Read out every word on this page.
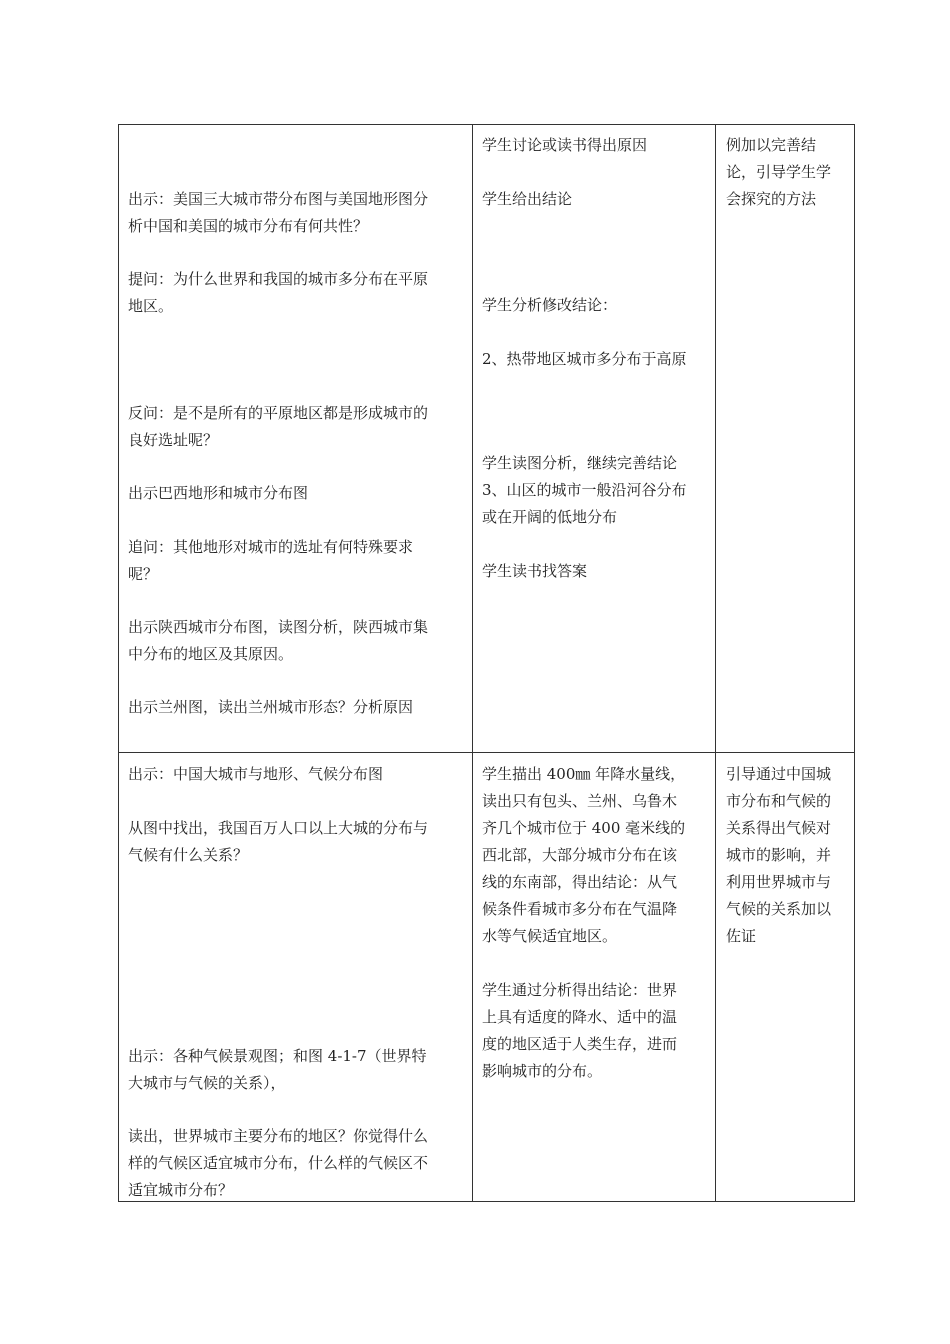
出示：美国三大城市带分布图与美国地形图分
析中国和美国的城市分布有何共性？

提问：为什么世界和我国的城市多分布在平原
地区。

反问：是不是所有的平原地区都是形成城市的
良好选址呢？

出示巴西地形和城市分布图

追问：其他地形对城市的选址有何特殊要求
呢？

出示陕西城市分布图，读图分析，陕西城市集
中分布的地区及其原因。

出示兰州图，读出兰州城市形态？分析原因

学生讨论或读书得出原因

学生给出结论

学生分析修改结论：

2、热带地区城市多分布于高原

学生读图分析，继续完善结论
3、山区的城市一般沿河谷分布
或在开阔的低地分布

学生读书找答案

例加以完善结
论，引导学生学
会探究的方法

出示：中国大城市与地形、气候分布图

从图中找出，我国百万人口以上大城的分布与
气候有什么关系？

出示：各种气候景观图；和图 4-1-7（世界特
大城市与气候的关系），

读出，世界城市主要分布的地区？你觉得什么
样的气候区适宜城市分布，什么样的气候区不
适宜城市分布？

学生描出 400㎜ 年降水量线，
读出只有包头、兰州、乌鲁木
齐几个城市位于 400 毫米线的
西北部，大部分城市分布在该
线的东南部，得出结论：从气
候条件看城市多分布在气温降
水等气候适宜地区。

学生通过分析得出结论：世界
上具有适度的降水、适中的温
度的地区适于人类生存，进而
影响城市的分布。

引导通过中国城
市分布和气候的
关系得出气候对
城市的影响，并
利用世界城市与
气候的关系加以
佐证
